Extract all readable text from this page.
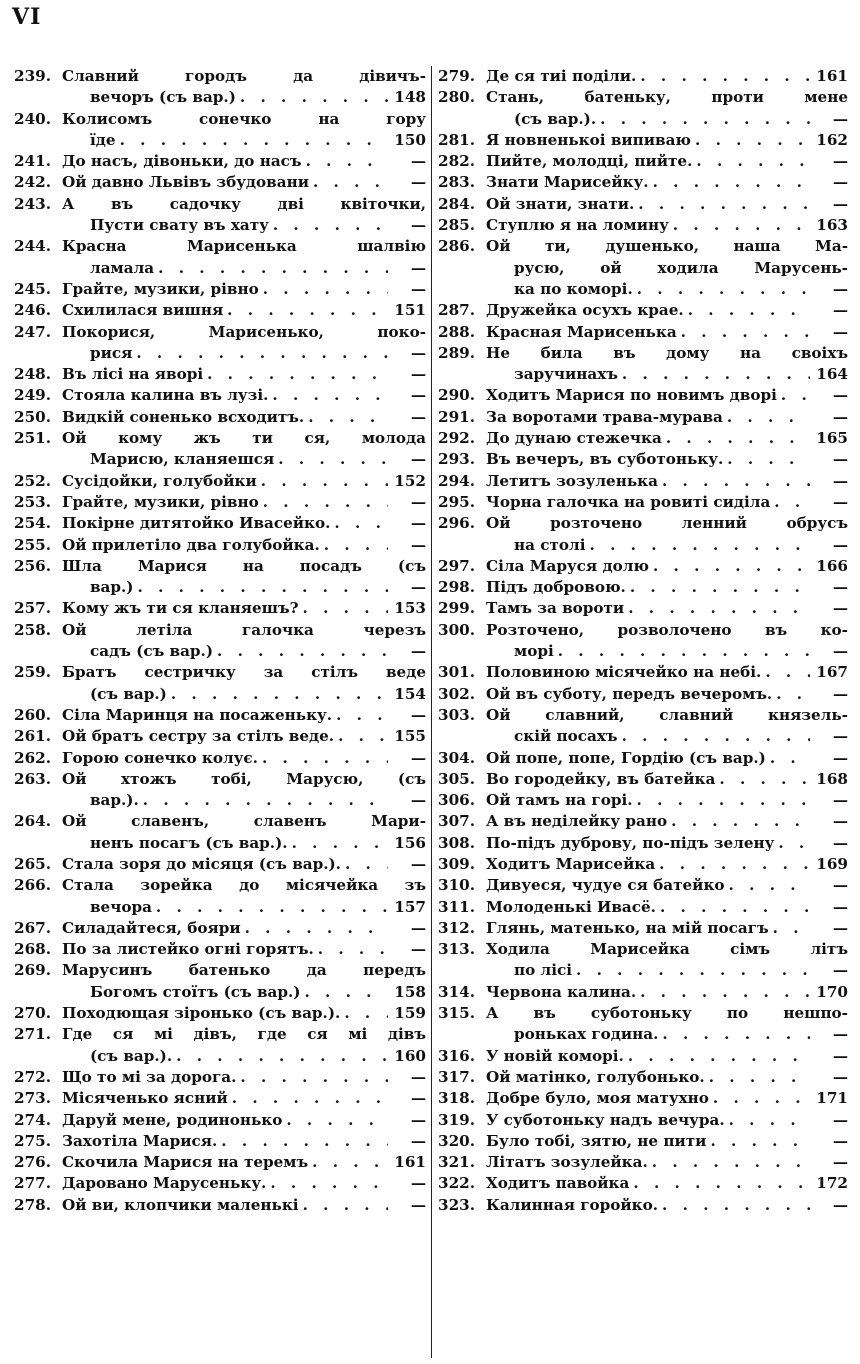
VI
239. Славний городъ да дівичъ-
вечоръ (съ вар.) . . .	148
240. Колисомъ сонечко на гору
їде . . .	150
241. До насъ, дівоньки, до насъ . . .	—
242. Ой давно Львівъ збудовани . . .	—
243. А въ садочку дві квіточки,
Пусти свату въ хату . . .	—
244. Красна Марисенька шалвію
ламала . . .	—
245. Грайте, музики, рівно . . .	—
246. Схилилася вишня . . .	151
247. Покорися, Марисенько, поко-
рися . . .	—
248. Въ лісі на яворі . . .	—
249. Стояла калина въ лузі. . . .	—
250. Видкій соненько всходитъ. . . .	—
251. Ой кому жъ ти ся, молода
Марисю, кланяешся . . .	—
252. Сусідойки, голубойки . . .	152
253. Грайте, музики, рівно . . .	—
254. Покірне дитятойко Ивасейко. . . .	—
255. Ой прилетіло два голубойка. . . .	—
256. Шла Марися на посадъ (съ
вар.) . . .	—
257. Кому жъ ти ся кланяешъ? . . .	153
258. Ой летіла галочка черезъ
садъ (съ вар.) . . .	—
259. Братъ сестричку за стілъ веде
(съ вар.) . . .	154
260. Сіла Маринця на посаженьку. . . .	—
261. Ой братъ сестру за стілъ веде. . . .	155
262. Горою сонечко колує. . . .	—
263. Ой хтожъ тобі, Марусю, (съ
вар.). . . .	—
264. Ой славенъ, славенъ Мари-
ненъ посагъ (съ вар.). . . .	156
265. Стала зоря до місяця (съ вар.). . . .	—
266. Стала зорейка до місячейка зъ
вечора . . .	157
267. Силадайтеся, бояри . . .	—
268. По за листейко огні горятъ. . . .	—
269. Марусинъ батенько да передъ
Богомъ стоїтъ (съ вар.) . . .	158
270. Походющая зіронько (съ вар.). . . .	159
271. Где ся мі дівъ, где ся мі дівъ
(съ вар.). . . .	160
272. Що то мі за дорога. . . .	—
273. Місяченько ясний . . .	—
274. Даруй мене, родинонько . . .	—
275. Захотіла Марися. . . .	—
276. Скочила Марися на теремъ . . .	161
277. Даровано Марусеньку. . . .	—
278. Ой ви, клопчики маленькі . . .	—
279. Де ся тиі поділи. . . .	161
280. Стань, батеньку, проти мене
(съ вар.). . . .	—
281. Я новненькоі випиваю . . .	162
282. Пийте, молодці, пийте. . . .	—
283. Знати Марисейку. . . .	—
284. Ой знати, знати. . . .	—
285. Ступлю я на ломину . . .	163
286. Ой ти, душенько, наша Ма-
русю, ой ходила Марусень-
ка по коморі. . . .	—
287. Дружейка осухъ крае. . . .	—
288. Красная Марисенька . . .	—
289. Не била въ дому на своіхъ
заручинахъ . . .	164
290. Ходитъ Марися по новимъ дворі . . .	—
291. За воротами трава-мурава . . .	—
292. До дунаю стежечка . . .	165
293. Въ вечеръ, въ суботоньку. . . .	—
294. Летитъ зозуленька . . .	—
295. Чорна галочка на ровиті сиділа . . .	—
296. Ой розточено ленний обрусъ
на столі . . .	—
297. Сіла Маруся долю . . .	166
298. Підъ добровою. . . .	—
299. Тамъ за вороти . . .	—
300. Розточено, розволочено въ ко-
морі . . .	—
301. Половиною місячейко на небі. . . .	167
302. Ой въ суботу, передъ вечеромъ. . . .	—
303. Ой славний, славний князель-
скій посахъ . . .	—
304. Ой попе, попе, Гордію (съ вар.) . . .	—
305. Во городейку, въ батейка . . .	168
306. Ой тамъ на горі. . . .	—
307. А въ неділейку рано . . .	—
308. По-підъ дуброву, по-підъ зелену . . .	—
309. Ходитъ Марисейка . . .	169
310. Дивуеся, чудуе ся батейко . . .	—
311. Молоденькі Ивасё. . . .	—
312. Глянь, матенько, на мій посагъ . . .	—
313. Ходила Марисейка сімъ літъ
по лісі . . .	—
314. Червона калина. . . .	170
315. А въ суботоньку по нешпо-
роньках година. . . .	—
316. У новій коморі. . . .	—
317. Ой матінко, голубонько. . . .	—
318. Добре було, моя матухно . . .	171
319. У суботоньку надъ вечура. . . .	—
320. Було тобі, зятю, не пити . . .	—
321. Літатъ зозулейка. . . .	—
322. Ходитъ павойка . . .	172
323. Калинная горойко. . . .	—
